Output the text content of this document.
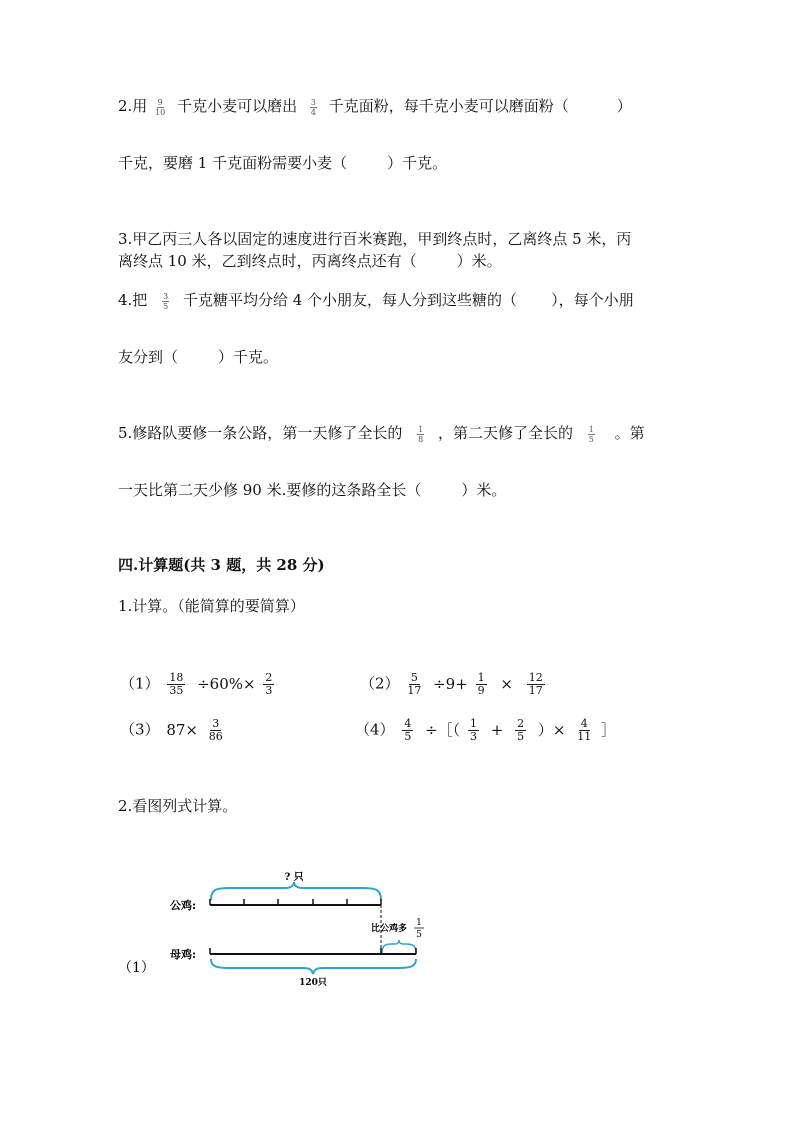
2.用 $\frac{9}{10}$ 千克小麦可以磨出 $\frac{3}{4}$ 千克面粉，每千克小麦可以磨面粉（	）
千克，要磨 1 千克面粉需要小麦（	）千克。
3.甲乙丙三人各以固定的速度进行百米赛跑，甲到终点时，乙离终点 5 米，丙
离终点 10 米，乙到终点时，丙离终点还有（	）米。
4.把 $\frac{3}{5}$ 千克糖平均分给 4 个小朋友，每人分到这些糖的（ ），每个小朋
友分到（	）千克。
5.修路队要修一条公路，第一天修了全长的 $\frac{1}{8}$ ，第二天修了全长的 $\frac{1}{5}$ 。第
一天比第二天少修 90 米.要修的这条路全长（	）米。
四.计算题(共 3 题，共 28 分)
1.计算。（能简算的要简算）
$(1) \frac{18}{35} \div 60\%\times \frac{2}{3}$	$(2) \frac{5}{17} \div 9+ \frac{1}{9} \times \frac{12}{17}$
（3） $87\times \frac{3}{86}$	$(4) \frac{4}{5}$ ÷［（ $\frac{1}{3} + \frac{2}{5}$ ）× $\frac{4}{11}$ ］
2.看图列式计算。
? 只
公鸡:
比公鸡多
1
5
母鸡:
120只
（1）
